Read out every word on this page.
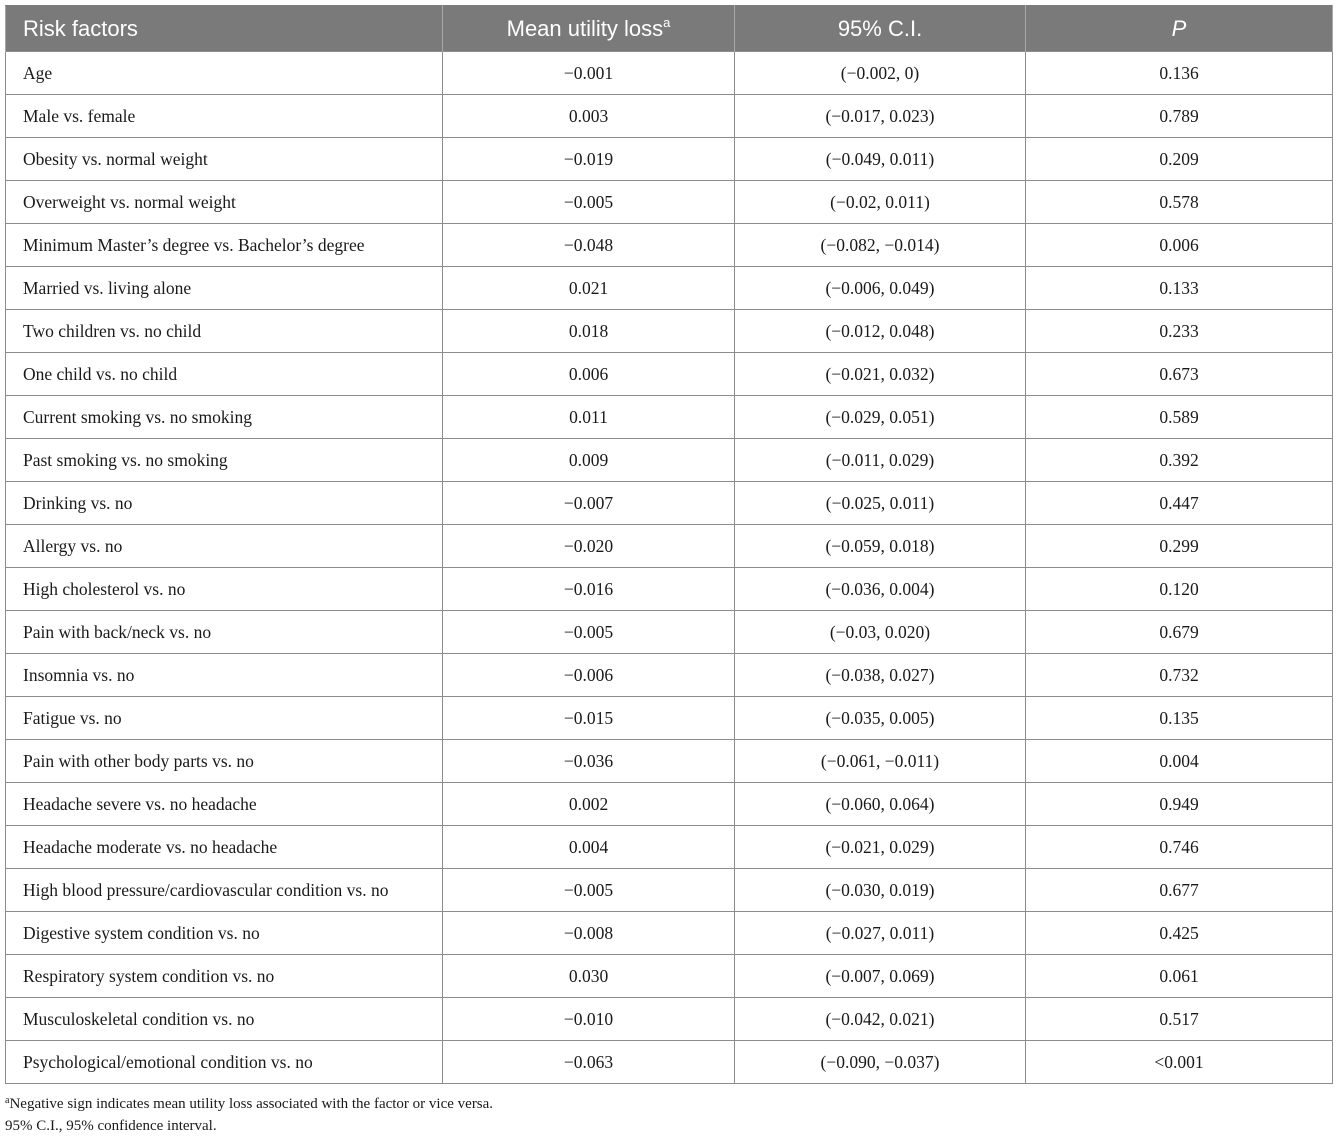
Risk factors	Mean utility loss$^a$	95% C.I.	P
Age	−0.001	(−0.002, 0)	0.136
Male vs. female	0.003	(−0.017, 0.023)	0.789
Obesity vs. normal weight	−0.019	(−0.049, 0.011)	0.209
Overweight vs. normal weight	−0.005	(−0.02, 0.011)	0.578
Minimum Master’s degree vs. Bachelor’s degree	−0.048	(−0.082, −0.014)	0.006
Married vs. living alone	0.021	(−0.006, 0.049)	0.133
Two children vs. no child	0.018	(−0.012, 0.048)	0.233
One child vs. no child	0.006	(−0.021, 0.032)	0.673
Current smoking vs. no smoking	0.011	(−0.029, 0.051)	0.589
Past smoking vs. no smoking	0.009	(−0.011, 0.029)	0.392
Drinking vs. no	−0.007	(−0.025, 0.011)	0.447
Allergy vs. no	−0.020	(−0.059, 0.018)	0.299
High cholesterol vs. no	−0.016	(−0.036, 0.004)	0.120
Pain with back/neck vs. no	−0.005	(−0.03, 0.020)	0.679
Insomnia vs. no	−0.006	(−0.038, 0.027)	0.732
Fatigue vs. no	−0.015	(−0.035, 0.005)	0.135
Pain with other body parts vs. no	−0.036	(−0.061, −0.011)	0.004
Headache severe vs. no headache	0.002	(−0.060, 0.064)	0.949
Headache moderate vs. no headache	0.004	(−0.021, 0.029)	0.746
High blood pressure/cardiovascular condition vs. no	−0.005	(−0.030, 0.019)	0.677
Digestive system condition vs. no	−0.008	(−0.027, 0.011)	0.425
Respiratory system condition vs. no	0.030	(−0.007, 0.069)	0.061
Musculoskeletal condition vs. no	−0.010	(−0.042, 0.021)	0.517
Psychological/emotional condition vs. no	−0.063	(−0.090, −0.037)	<0.001
$^a$Negative sign indicates mean utility loss associated with the factor or vice versa.
95% C.I., 95% confidence interval.
